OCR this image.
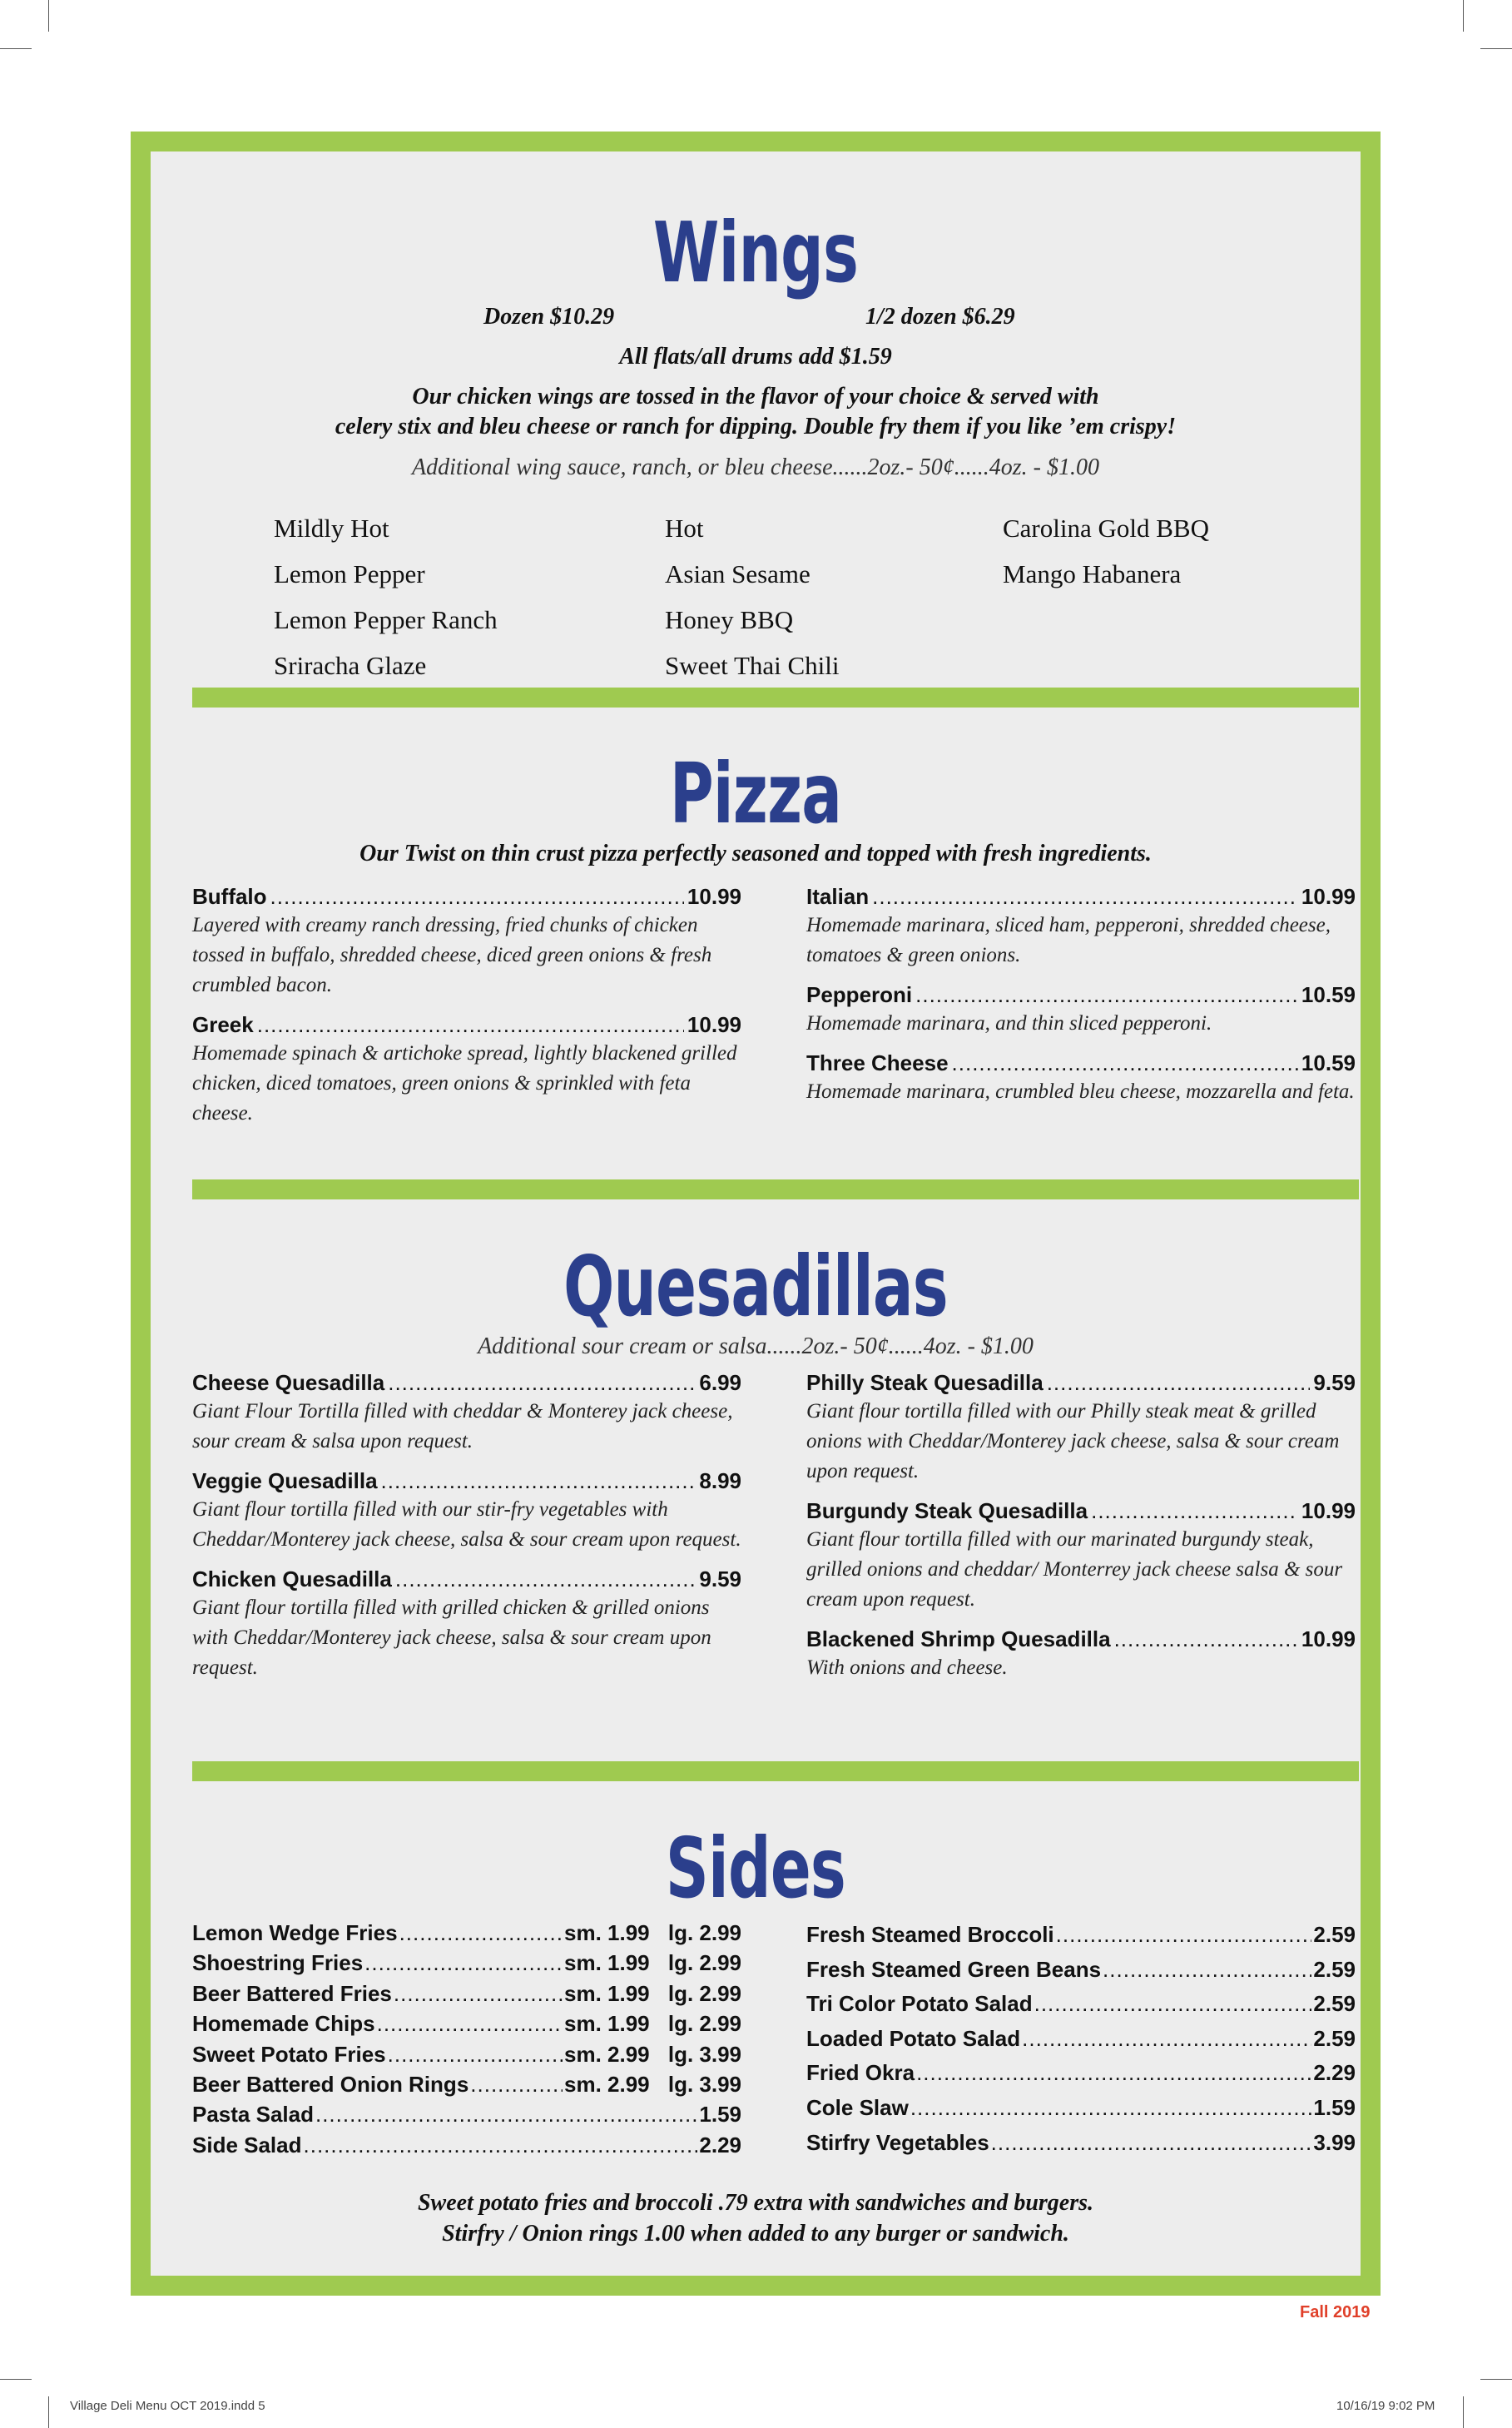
Wings
Dozen $10.29	1/2 dozen $6.29
All flats/all drums add $1.59
Our chicken wings are tossed in the flavor of your choice & served with
celery stix and bleu cheese or ranch for dipping. Double fry them if you like ’em crispy!
Additional wing sauce, ranch, or bleu cheese......2oz.- 50¢......4oz. - $1.00
Mildly Hot
Lemon Pepper
Lemon Pepper Ranch
Sriracha Glaze
Hot
Asian Sesame
Honey BBQ
Sweet Thai Chili
Carolina Gold BBQ
Mango Habanera
Pizza
Our Twist on thin crust pizza perfectly seasoned and topped with fresh ingredients.
Buffalo .....	10.99
Layered with creamy ranch dressing, fried chunks of chicken tossed in buffalo, shredded cheese, diced green onions & fresh crumbled bacon.
Greek .....	10.99
Homemade spinach & artichoke spread, lightly blackened grilled chicken, diced tomatoes, green onions & sprinkled with feta cheese.
Italian .....	10.99
Homemade marinara, sliced ham, pepperoni, shredded cheese, tomatoes & green onions.
Pepperoni .....	10.59
Homemade marinara, and thin sliced pepperoni.
Three Cheese .....	10.59
Homemade marinara, crumbled bleu cheese, mozzarella and feta.
Quesadillas
Additional sour cream or salsa......2oz.- 50¢......4oz. - $1.00
Cheese Quesadilla .....	6.99
Giant Flour Tortilla filled with cheddar & Monterey jack cheese, sour cream & salsa upon request.
Veggie Quesadilla .....	8.99
Giant flour tortilla filled with our stir-fry vegetables with Cheddar/Monterey jack cheese, salsa & sour cream upon request.
Chicken Quesadilla .....	9.59
Giant flour tortilla filled with grilled chicken & grilled onions with Cheddar/Monterey jack cheese, salsa & sour cream upon request.
Philly Steak Quesadilla .....	9.59
Giant flour tortilla filled with our Philly steak meat & grilled onions with Cheddar/Monterey jack cheese, salsa & sour cream upon request.
Burgundy Steak Quesadilla .....	10.99
Giant flour tortilla filled with our marinated burgundy steak, grilled onions and cheddar/ Monterrey jack cheese salsa & sour cream upon request.
Blackened Shrimp Quesadilla .....	10.99
With onions and cheese.
Sides
Lemon Wedge Fries .....	sm. 1.99 lg. 2.99
Shoestring Fries .....	sm. 1.99 lg. 2.99
Beer Battered Fries .....	sm. 1.99 lg. 2.99
Homemade Chips .....	sm. 1.99 lg. 2.99
Sweet Potato Fries .....	sm. 2.99 lg. 3.99
Beer Battered Onion Rings .....	sm. 2.99 lg. 3.99
Pasta Salad .....	1.59
Side Salad .....	2.29
Fresh Steamed Broccoli .....	2.59
Fresh Steamed Green Beans .....	2.59
Tri Color Potato Salad .....	2.59
Loaded Potato Salad .....	2.59
Fried Okra .....	2.29
Cole Slaw .....	1.59
Stirfry Vegetables .....	3.99
Sweet potato fries and broccoli .79 extra with sandwiches and burgers.
Stirfry / Onion rings 1.00 when added to any burger or sandwich.
Fall 2019
Village Deli Menu OCT 2019.indd 5	10/16/19 9:02 PM
